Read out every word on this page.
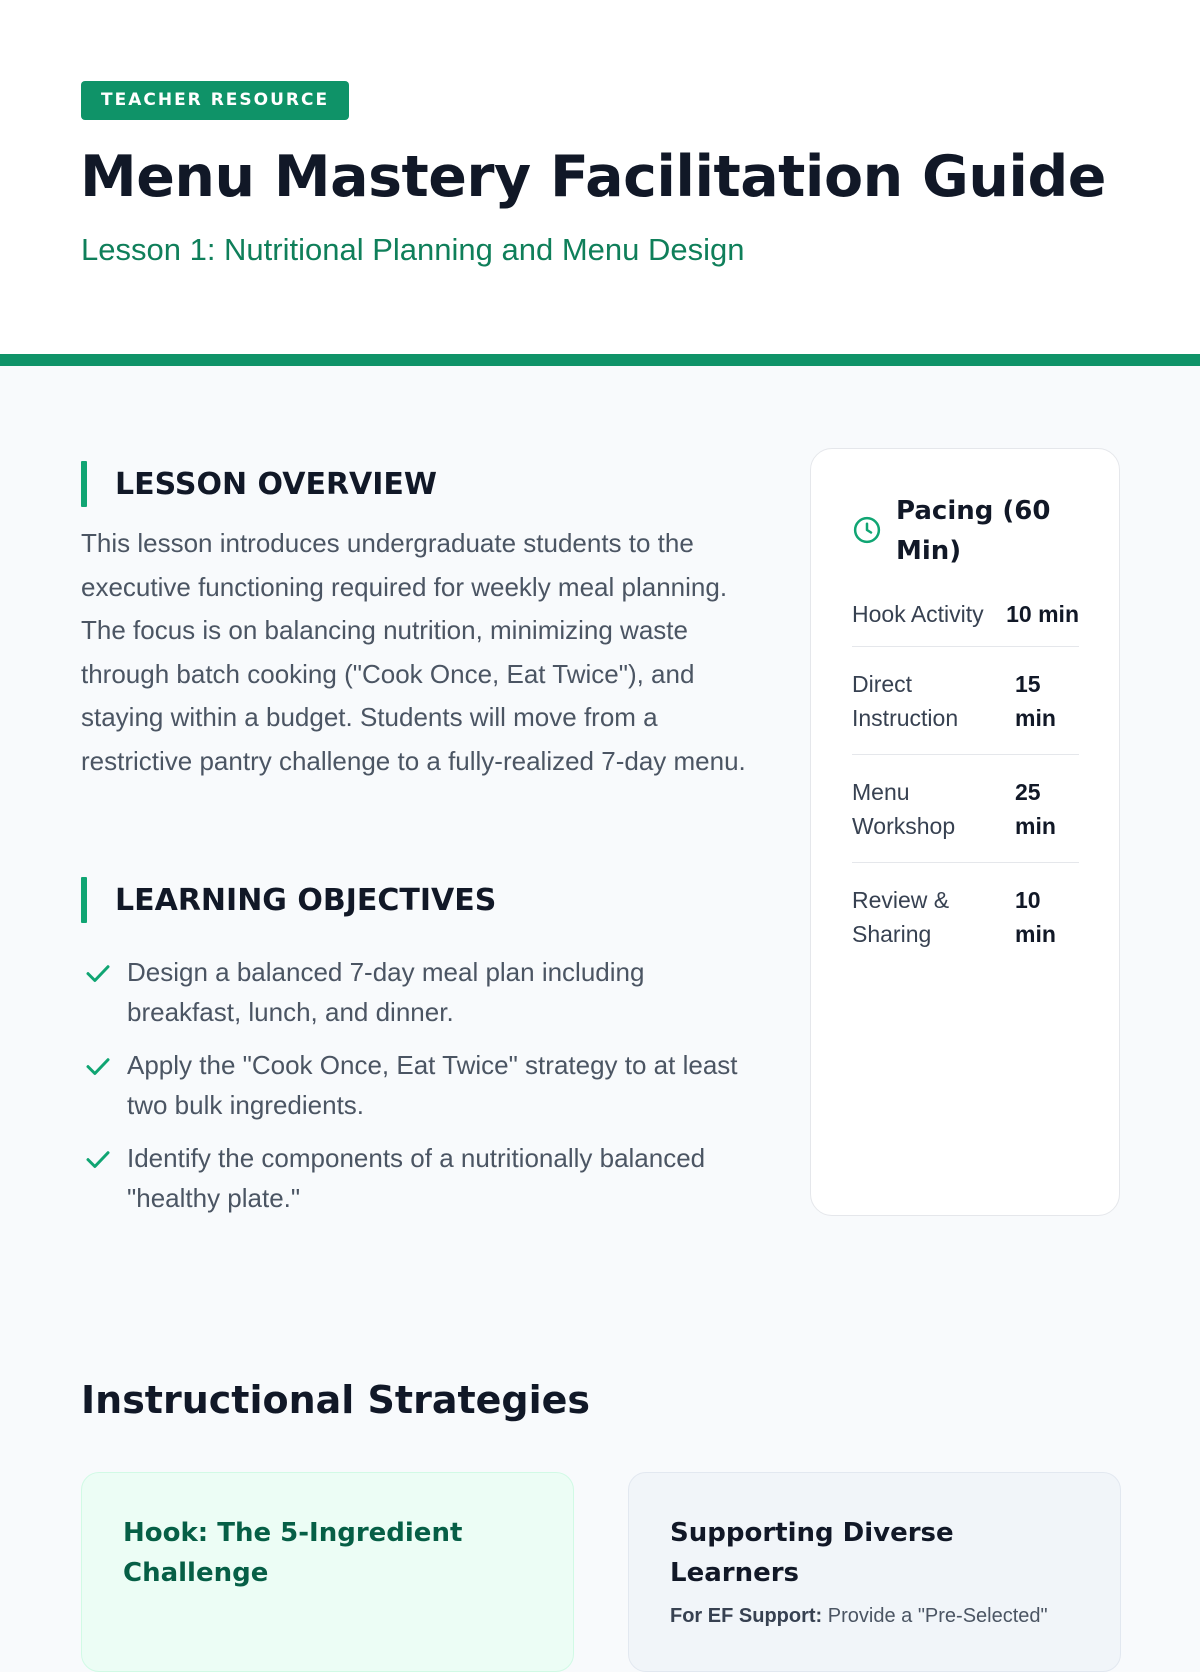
TEACHER RESOURCE
Menu Mastery Facilitation Guide
Lesson 1: Nutritional Planning and Menu Design
LESSON OVERVIEW

This lesson introduces undergraduate students to the executive functioning required for weekly meal planning. The focus is on balancing nutrition, minimizing waste through batch cooking ("Cook Once, Eat Twice"), and staying within a budget. Students will move from a restrictive pantry challenge to a fully-realized 7-day menu.

LEARNING OBJECTIVES
Design a balanced 7-day meal plan including breakfast, lunch, and dinner.
Apply the "Cook Once, Eat Twice" strategy to at least two bulk ingredients.
Identify the components of a nutritionally balanced "healthy plate."
Pacing (60 Min)
Hook Activity 10 min
Direct Instruction
15 min
Menu Workshop
25 min
Review & Sharing
10 min
Instructional Strategies
Hook: The 5-Ingredient Challenge
Supporting Diverse Learners
For EF Support: Provide a "Pre-Selected"
